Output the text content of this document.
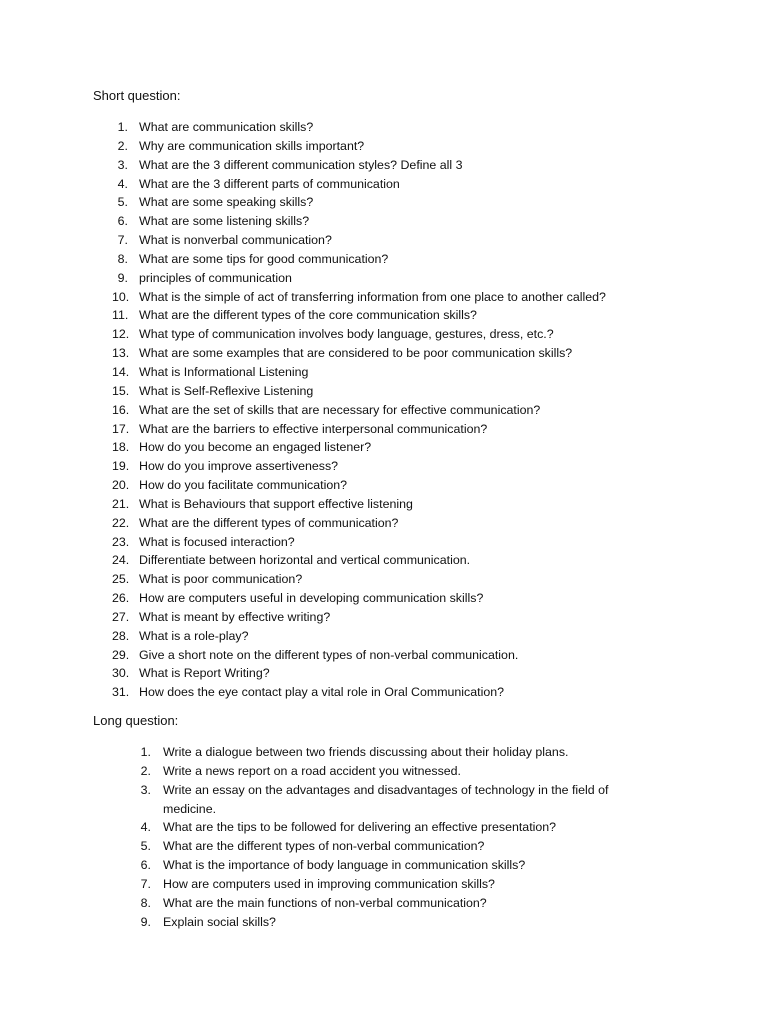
Short question:
1. What are communication skills?
2. Why are communication skills important?
3. What are the 3 different communication styles? Define all 3
4. What are the 3 different parts of communication
5. What are some speaking skills?
6. What are some listening skills?
7. What is nonverbal communication?
8. What are some tips for good communication?
9. principles of communication
10. What is the simple of act of transferring information from one place to another called?
11. What are the different types of the core communication skills?
12. What type of communication involves body language, gestures, dress, etc.?
13. What are some examples that are considered to be poor communication skills?
14. What is Informational Listening
15. What is Self-Reflexive Listening
16. What are the set of skills that are necessary for effective communication?
17. What are the barriers to effective interpersonal communication?
18. How do you become an engaged listener?
19. How do you improve assertiveness?
20. How do you facilitate communication?
21. What is Behaviours that support effective listening
22. What are the different types of communication?
23. What is focused interaction?
24. Differentiate between horizontal and vertical communication.
25. What is poor communication?
26. How are computers useful in developing communication skills?
27. What is meant by effective writing?
28. What is a role-play?
29. Give a short note on the different types of non-verbal communication.
30. What is Report Writing?
31. How does the eye contact play a vital role in Oral Communication?
Long question:
1. Write a dialogue between two friends discussing about their holiday plans.
2. Write a news report on a road accident you witnessed.
3. Write an essay on the advantages and disadvantages of technology in the field of medicine.
4. What are the tips to be followed for delivering an effective presentation?
5. What are the different types of non-verbal communication?
6. What is the importance of body language in communication skills?
7. How are computers used in improving communication skills?
8. What are the main functions of non-verbal communication?
9. Explain social skills?
